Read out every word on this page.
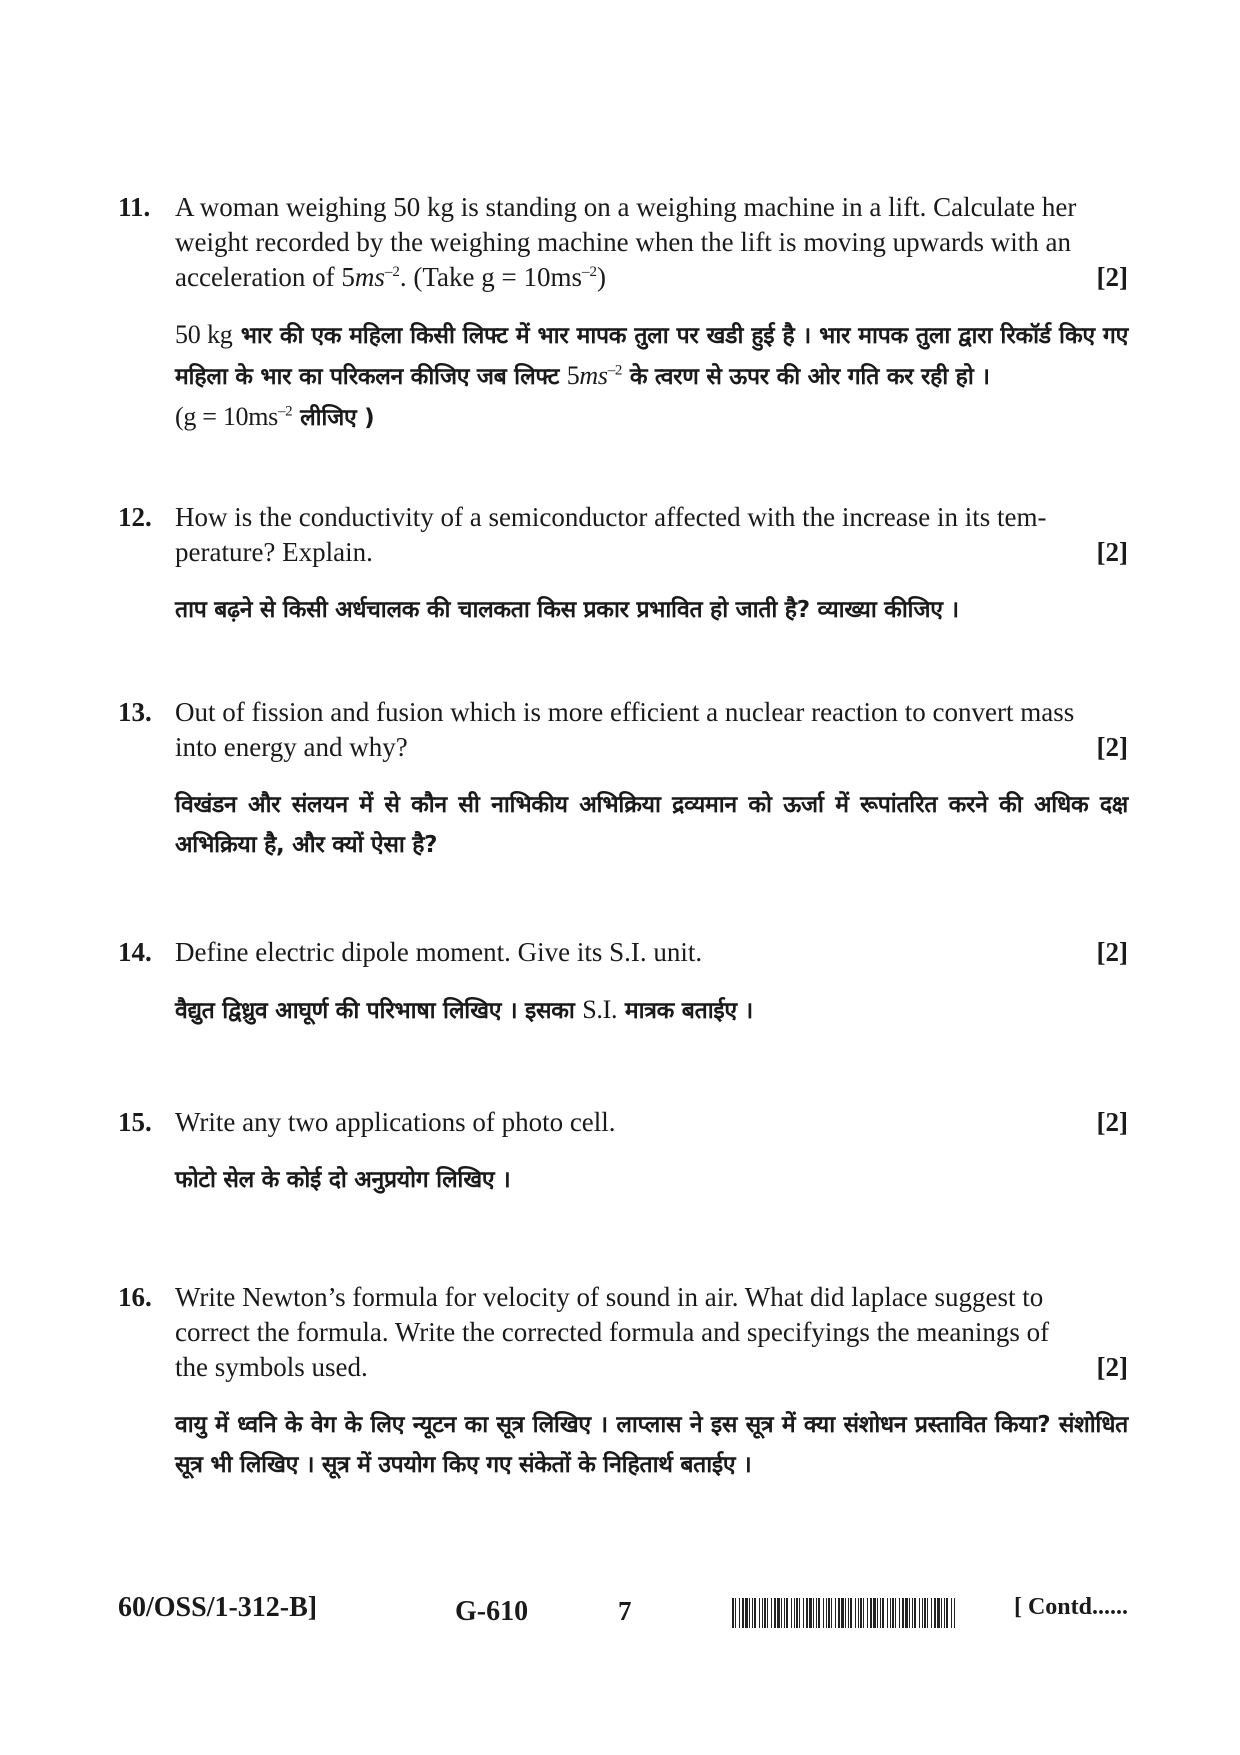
11. A woman weighing 50 kg is standing on a weighing machine in a lift. Calculate her
weight recorded by the weighing machine when the lift is moving upwards with an
acceleration of $5ms^{-2}$. (Take $g = 10ms^{-2}$)	[2]
50 kg भार की एक महिला किसी लिफ्ट में भार मापक तुला पर खडी हुई है । भार मापक तुला द्वारा रिकॉर्ड किए गए महिला के भार का परिकलन कीजिए जब लिफ्ट $5ms^{-2}$ के त्वरण से ऊपर की ओर गति कर रही हो ।
($g = 10ms^{-2}$ लीजिए )
12. How is the conductivity of a semiconductor affected with the increase in its tem-
perature? Explain.	[2]
ताप बढ़ने से किसी अर्धचालक की चालकता किस प्रकार प्रभावित हो जाती है? व्याख्या कीजिए ।
13. Out of fission and fusion which is more efficient a nuclear reaction to convert mass
into energy and why?	[2]
विखंडन और संलयन में से कौन सी नाभिकीय अभिक्रिया द्रव्यमान को ऊर्जा में रूपांतरित करने की अधिक दक्ष अभिक्रिया है, और क्यों ऐसा है?
14. Define electric dipole moment. Give its S.I. unit.	[2]
वैद्युत द्विध्रुव आघूर्ण की परिभाषा लिखिए । इसका S.I. मात्रक बताईए ।
15. Write any two applications of photo cell.	[2]
फोटो सेल के कोई दो अनुप्रयोग लिखिए ।
16. Write Newton’s formula for velocity of sound in air. What did laplace suggest to
correct the formula. Write the corrected formula and specifyings the meanings of
the symbols used.	[2]
वायु में ध्वनि के वेग के लिए न्यूटन का सूत्र लिखिए । लाप्लास ने इस सूत्र में क्या संशोधन प्रस्तावित किया? संशोधित सूत्र भी लिखिए । सूत्र में उपयोग किए गए संकेतों के निहितार्थ बताईए ।
60/OSS/1-312-B]	G-610	7	[ Contd......
